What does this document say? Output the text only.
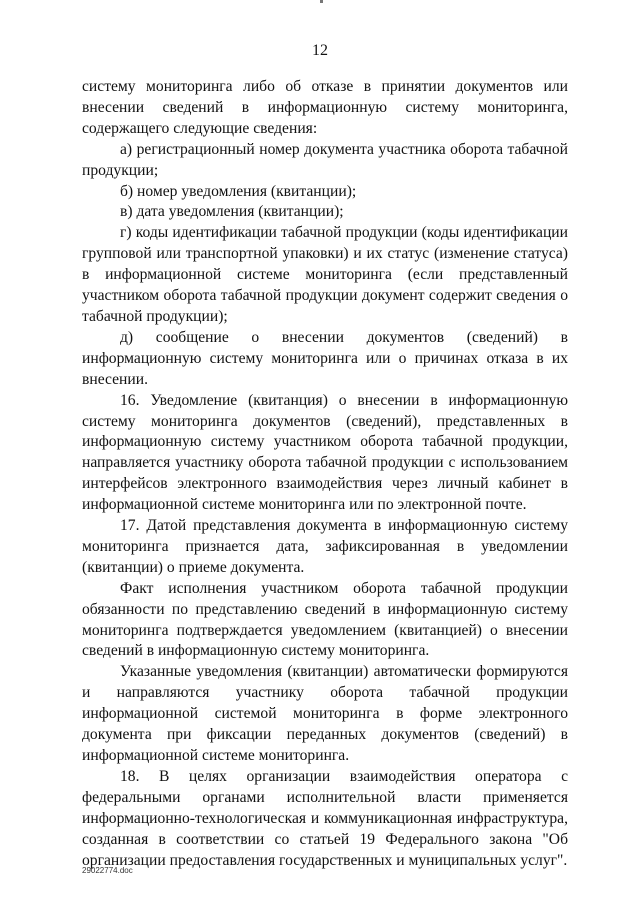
12

системy мониторинга либо об отказе в принятии документов или внесении сведений в информационную систему мониторинга, содержащего следующие сведения:

а) регистрационный номер документа участника оборота табачной продукции;

б) номер уведомления (квитанции);

в) дата уведомления (квитанции);

г) коды идентификации табачной продукции (коды идентификации групповой или транспортной упаковки) и их статус (изменение статуса) в информационной системе мониторинга (если представленный участником оборота табачной продукции документ содержит сведения о табачной продукции);

д) сообщение о внесении документов (сведений) в информационную систему мониторинга или о причинах отказа в их внесении.

16. Уведомление (квитанция) о внесении в информационную систему мониторинга документов (сведений), представленных в информационную систему участником оборота табачной продукции, направляется участнику оборота табачной продукции с использованием интерфейсов электронного взаимодействия через личный кабинет в информационной системе мониторинга или по электронной почте.

17. Датой представления документа в информационную систему мониторинга признается дата, зафиксированная в уведомлении (квитанции) о приеме документа.

Факт исполнения участником оборота табачной продукции обязанности по представлению сведений в информационную систему мониторинга подтверждается уведомлением (квитанцией) о внесении сведений в информационную систему мониторинга.

Указанные уведомления (квитанции) автоматически формируются и направляются участнику оборота табачной продукции информационной системой мониторинга в форме электронного документа при фиксации переданных документов (сведений) в информационной системе мониторинга.

18. В целях организации взаимодействия оператора с федеральными органами исполнительной власти применяется информационно-технологическая и коммуникационная инфраструктура, созданная в соответствии со статьей 19 Федерального закона "Об организации предоставления государственных и муниципальных услуг".

29022774.doc
